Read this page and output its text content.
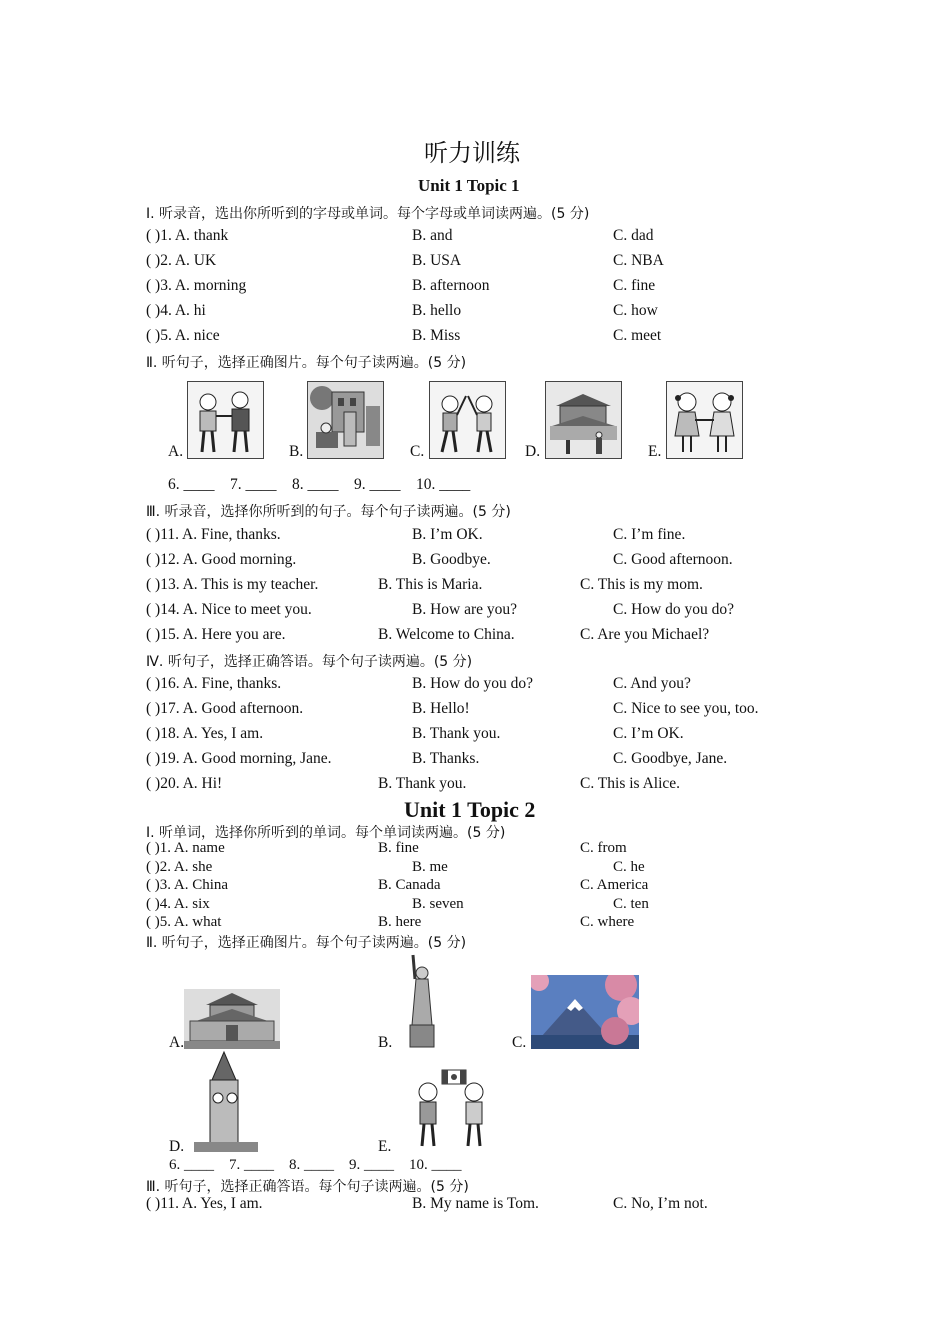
听力训练
Unit 1 Topic 1
Ⅰ. 听录音，选出你所听到的字母或单词。每个字母或单词读两遍。(5 分)
( )1. A. thank	B. and	C. dad
( )2. A. UK	B. USA	C. NBA
( )3. A. morning	B. afternoon	C. fine
( )4. A. hi	B. hello	C. how
( )5. A. nice	B. Miss	C. meet
Ⅱ. 听句子，选择正确图片。每个句子读两遍。(5 分)
A.	B.	C.	D.	E.
6. ____    7. ____    8. ____    9. ____    10. ____
Ⅲ. 听录音，选择你所听到的句子。每个句子读两遍。(5 分)
( )11. A. Fine, thanks.	B. I’m OK.	C. I’m fine.
( )12. A. Good morning.	B. Goodbye.	C. Good afternoon.
( )13. A. This is my teacher.	B. This is Maria.	C. This is my mom.
( )14. A. Nice to meet you.	B. How are you?	C. How do you do?
( )15. A. Here you are.	B. Welcome to China.	C. Are you Michael?
Ⅳ. 听句子，选择正确答语。每个句子读两遍。(5 分)
( )16. A. Fine, thanks.	B. How do you do?	C. And you?
( )17. A. Good afternoon.	B. Hello!	C. Nice to see you, too.
( )18. A. Yes, I am.	B. Thank you.	C. I’m OK.
( )19. A. Good morning, Jane.	B. Thanks.	C. Goodbye, Jane.
( )20. A. Hi!	B. Thank you.	C. This is Alice.
Unit 1 Topic 2
Ⅰ. 听单词，选择你所听到的单词。每个单词读两遍。(5 分)
( )1. A. name	B. fine	C. from
( )2. A. she	B. me	C. he
( )3. A. China	B. Canada	C. America
( )4. A. six	B. seven	C. ten
( )5. A. what	B. here	C. where
Ⅱ. 听句子，选择正确图片。每个句子读两遍。(5 分)
A.	B.	C.
D.	E.
6. ____    7. ____    8. ____    9. ____    10. ____
Ⅲ. 听句子，选择正确答语。每个句子读两遍。(5 分)
( )11. A. Yes, I am.	B. My name is Tom.	C. No, I’m not.
